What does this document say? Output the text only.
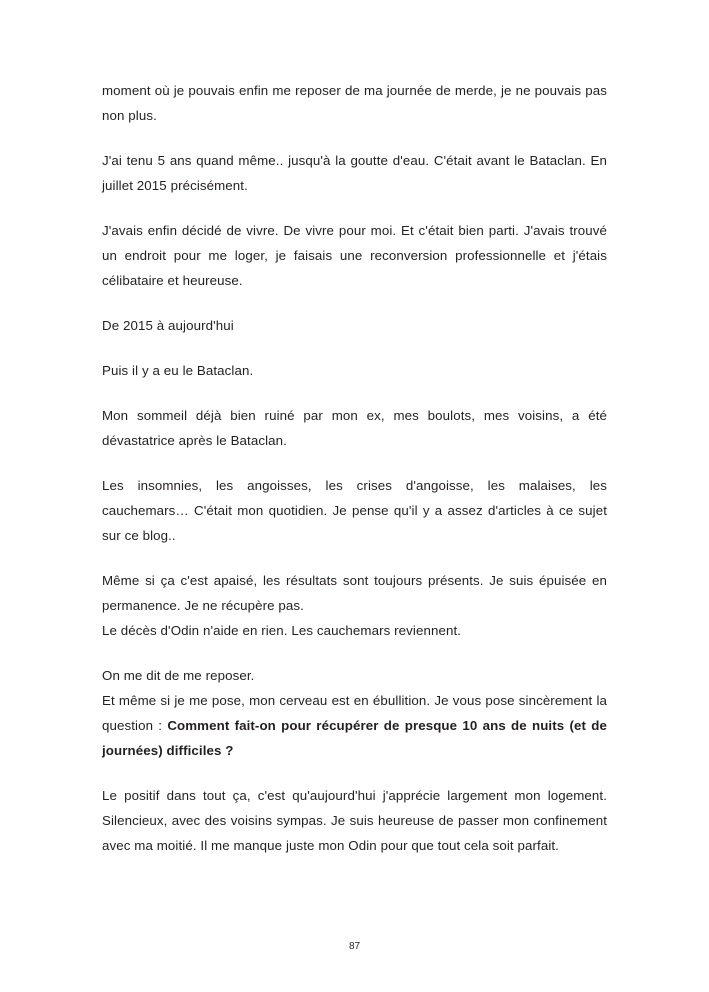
moment où je pouvais enfin me reposer de ma journée de merde, je ne pouvais pas non plus.

J'ai tenu 5 ans quand même.. jusqu'à la goutte d'eau. C'était avant le Bataclan. En juillet 2015 précisément.

J'avais enfin décidé de vivre. De vivre pour moi. Et c'était bien parti. J'avais trouvé un endroit pour me loger, je faisais une reconversion professionnelle et j'étais célibataire et heureuse.

De 2015 à aujourd'hui

Puis il y a eu le Bataclan.

Mon sommeil déjà bien ruiné par mon ex, mes boulots, mes voisins, a été dévastatrice après le Bataclan.

Les insomnies, les angoisses, les crises d'angoisse, les malaises, les cauchemars… C'était mon quotidien. Je pense qu'il y a assez d'articles à ce sujet sur ce blog..

Même si ça c'est apaisé, les résultats sont toujours présents. Je suis épuisée en permanence. Je ne récupère pas.
Le décès d'Odin n'aide en rien. Les cauchemars reviennent.

On me dit de me reposer.
Et même si je me pose, mon cerveau est en ébullition. Je vous pose sincèrement la question : Comment fait-on pour récupérer de presque 10 ans de nuits (et de journées) difficiles ?

Le positif dans tout ça, c'est qu'aujourd'hui j'apprécie largement mon logement. Silencieux, avec des voisins sympas. Je suis heureuse de passer mon confinement avec ma moitié. Il me manque juste mon Odin pour que tout cela soit parfait.

87
